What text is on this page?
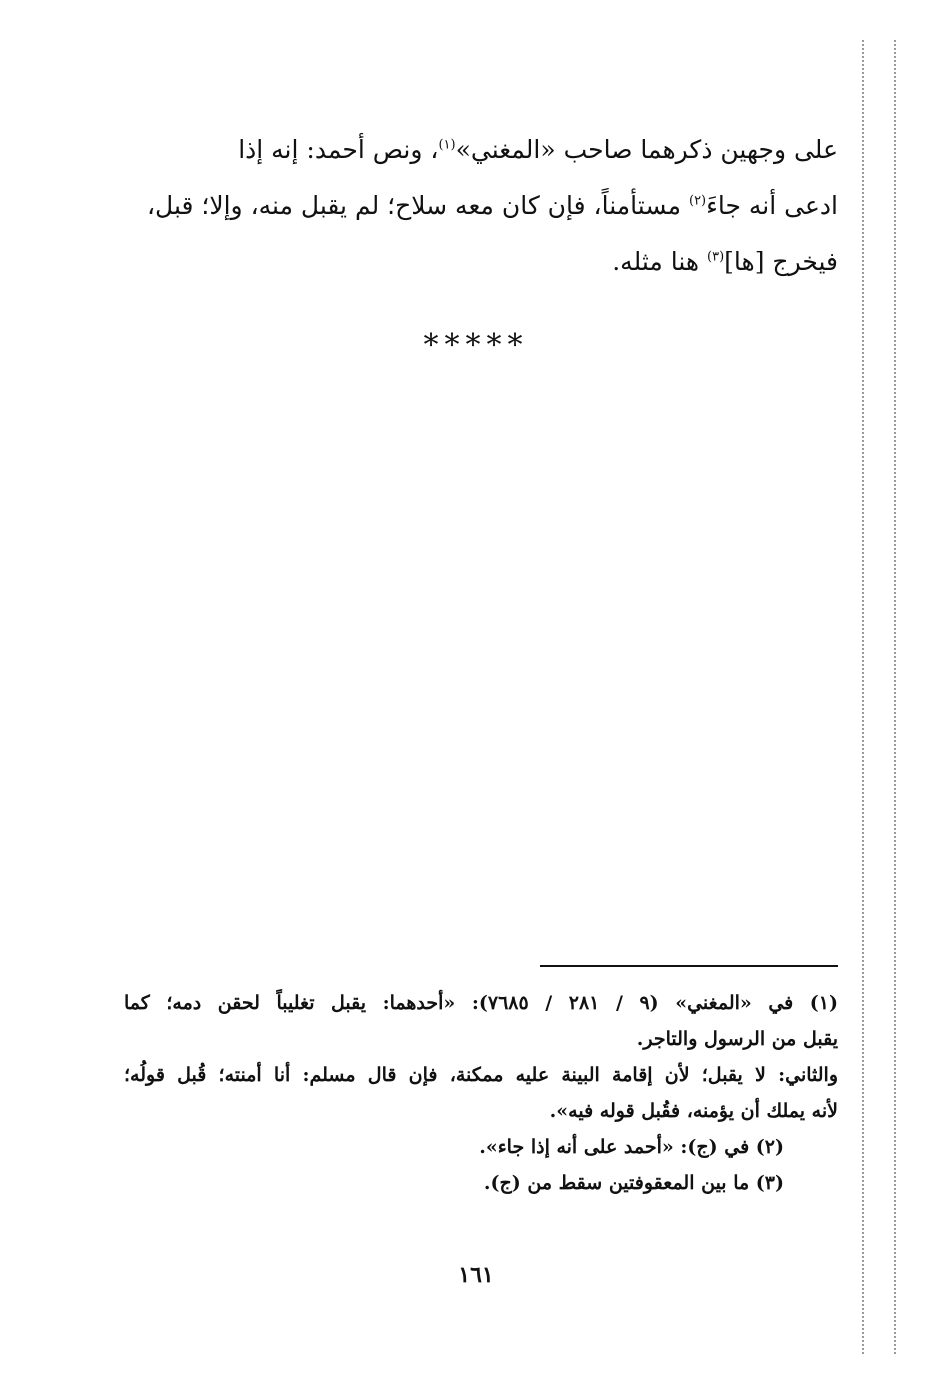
على وجهين ذكرهما صاحب «المغني»$^{(١)}$، ونص أحمد: إنه إذا
ادعى أنه جاءَ$^{(٢)}$ مستأمناً، فإن كان معه سلاح؛ لم يقبل منه، وإلا؛ قبل،
فيخرج [ها]$^{(٣)}$ هنا مثله.
*****
(١) في «المغني» (٩ / ٢٨١ / ٧٦٨٥): «أحدهما: يقبل تغليباً لحقن دمه؛ كما
يقبل من الرسول والتاجر.
والثاني: لا يقبل؛ لأن إقامة البينة عليه ممكنة، فإن قال مسلم: أنا أمنته؛ قُبل قولُه؛
لأنه يملك أن يؤمنه، فقُبل قوله فيه».
(٢) في (ج): «أحمد على أنه إذا جاء».
(٣) ما بين المعقوفتين سقط من (ج).
١٦١
